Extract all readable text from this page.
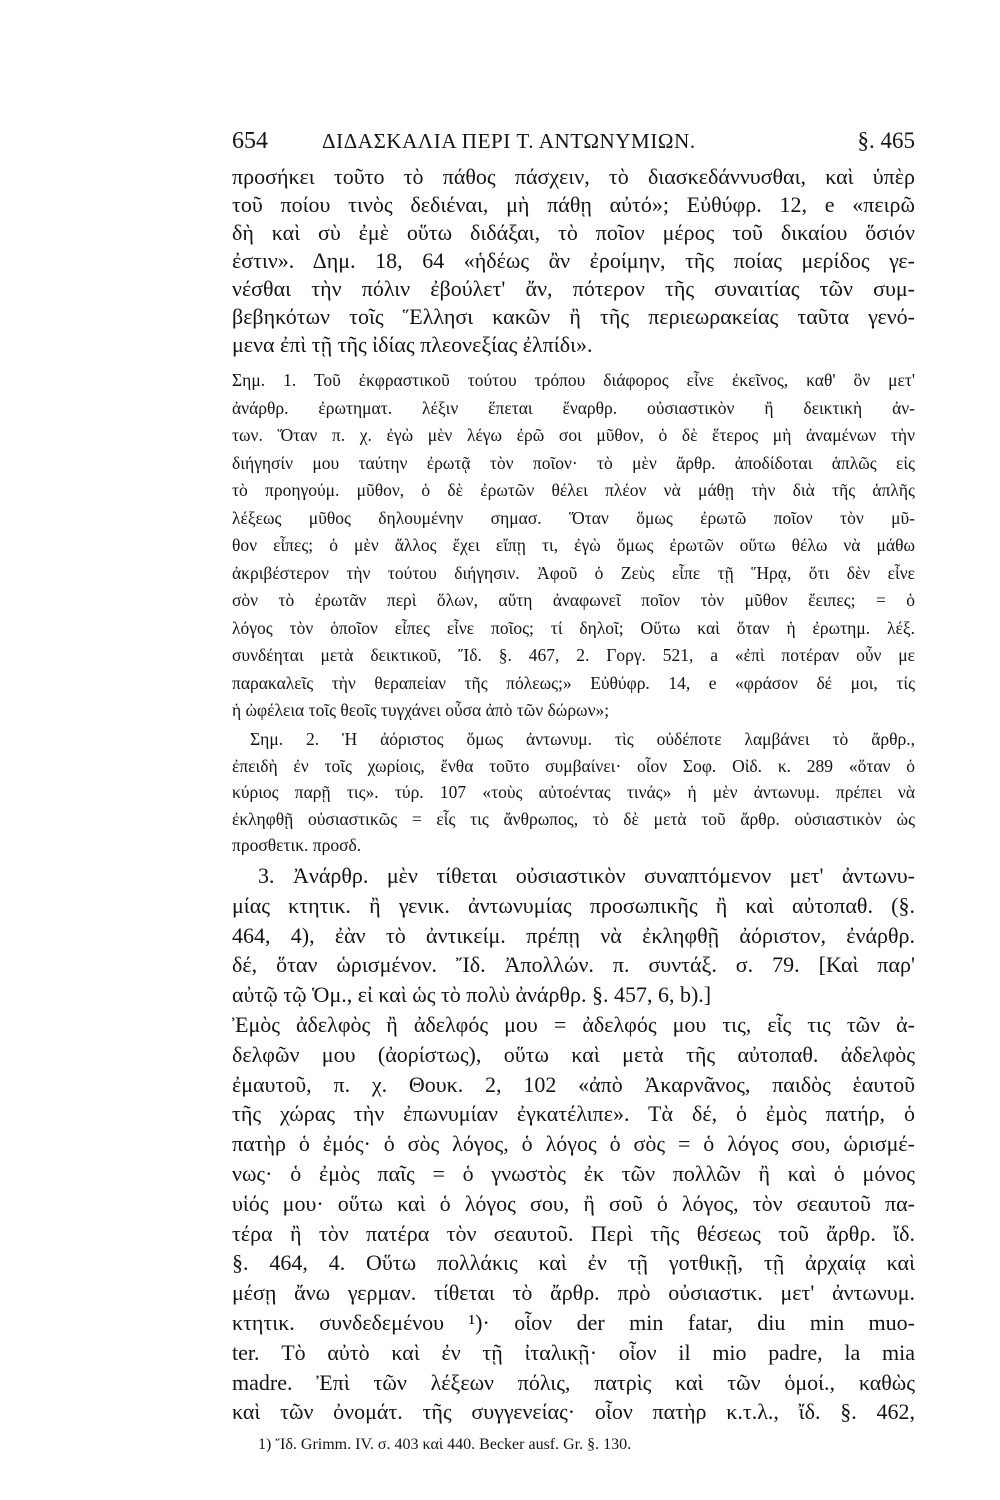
654	ΔΙΔΑΣΚΑΛΙΑ ΠΕΡΙ Τ. ΑΝΤΩΝΥΜΙΩΝ.	§. 465
προσήκει τοῦτο τὸ πάθος πάσχειν, τὸ διασκεδάννυσθαι, καὶ ὑπὲρ
τοῦ ποίου τινὸς δεδιέναι, μὴ πάθῃ αὐτό»; Εὐθύφρ. 12, e «πειρῶ
δὴ καὶ σὺ ἐμὲ οὕτω διδάξαι, τὸ ποῖον μέρος τοῦ δικαίου ὅσιόν
ἐστιν». Δημ. 18, 64 «ἡδέως ἂν ἐροίμην, τῆς ποίας μερίδος γε-
νέσθαι τὴν πόλιν ἐβούλετ' ἄν, πότερον τῆς συναιτίας τῶν συμ-
βεβηκότων τοῖς Ἕλλησι κακῶν ἢ τῆς περιεωρακείας ταῦτα γενό-
μενα ἐπὶ τῇ τῆς ἰδίας πλεονεξίας ἐλπίδι».
Σημ. 1. Τοῦ ἐκφραστικοῦ τούτου τρόπου διάφορος εἶνε ἐκεῖνος, καθ' ὃν μετ'
ἀνάρθρ. ἐρωτηματ. λέξιν ἕπεται ἔναρθρ. οὐσιαστικὸν ἢ δεικτικὴ ἀν-
των. Ὅταν π. χ. ἐγὼ μὲν λέγω ἐρῶ σοι μῦθον, ὁ δὲ ἕτερος μὴ ἀναμένων τὴν
διήγησίν μου ταύτην ἐρωτᾷ τὸν ποῖον· τὸ μὲν ἄρθρ. ἀποδίδοται ἁπλῶς εἰς
τὸ προηγούμ. μῦθον, ὁ δὲ ἐρωτῶν θέλει πλέον νὰ μάθῃ τὴν διὰ τῆς ἁπλῆς
λέξεως μῦθος δηλουμένην σημασ. Ὅταν ὅμως ἐρωτῶ ποῖον τὸν μῦ-
θον εἶπες; ὁ μὲν ἄλλος ἔχει εἴπῃ τι, ἐγὼ ὅμως ἐρωτῶν οὕτω θέλω νὰ μάθω
ἀκριβέστερον τὴν τούτου διήγησιν. Ἀφοῦ ὁ Ζεὺς εἶπε τῇ Ἥρᾳ, ὅτι δὲν εἶνε
σὸν τὸ ἐρωτᾶν περὶ ὅλων, αὕτη ἀναφωνεῖ ποῖον τὸν μῦθον ἔειπες; = ὁ
λόγος τὸν ὁποῖον εἶπες εἶνε ποῖος; τί δηλοῖ; Οὕτω καὶ ὅταν ἡ ἐρωτημ. λέξ.
συνδέηται μετὰ δεικτικοῦ, Ἴδ. §. 467, 2. Γοργ. 521, a «ἐπὶ ποτέραν οὖν με
παρακαλεῖς τὴν θεραπείαν τῆς πόλεως;» Εὐθύφρ. 14, e «φράσον δέ μοι, τίς
ἡ ὠφέλεια τοῖς θεοῖς τυγχάνει οὖσα ἀπὸ τῶν δώρων»;
Σημ. 2. Ἡ ἀόριστος ὅμως ἀντωνυμ. τὶς οὐδέποτε λαμβάνει τὸ ἄρθρ.,
ἐπειδὴ ἐν τοῖς χωρίοις, ἔνθα τοῦτο συμβαίνει· οἷον Σοφ. Οἰδ. κ. 289 «ὅταν ὁ
κύριος παρῇ τις». τύρ. 107 «τοὺς αὐτοέντας τινάς» ἡ μὲν ἀντωνυμ. πρέπει νὰ
ἐκληφθῇ οὐσιαστικῶς = εἷς τις ἄνθρωπος, τὸ δὲ μετὰ τοῦ ἄρθρ. οὐσιαστικὸν ὡς
προσθετικ. προσδ.
3. Ἀνάρθρ. μὲν τίθεται οὐσιαστικὸν συναπτόμενον μετ' ἀντωνυ-
μίας κτητικ. ἢ γενικ. ἀντωνυμίας προσωπικῆς ἢ καὶ αὐτοπαθ. (§.
464, 4), ἐὰν τὸ ἀντικείμ. πρέπῃ νὰ ἐκληφθῇ ἀόριστον, ἐνάρθρ.
δέ, ὅταν ὡρισμένον. Ἴδ. Ἀπολλών. π. συντάξ. σ. 79. [Καὶ παρ'
αὐτῷ τῷ Ὁμ., εἰ καὶ ὡς τὸ πολὺ ἀνάρθρ. §. 457, 6, b).]
Ἐμὸς ἀδελφὸς ἢ ἀδελφός μου = ἀδελφός μου τις, εἷς τις τῶν ἀ-
δελφῶν μου (ἀορίστως), οὕτω καὶ μετὰ τῆς αὐτοπαθ. ἀδελφὸς
ἐμαυτοῦ, π. χ. Θουκ. 2, 102 «ἀπὸ Ἀκαρνᾶνος, παιδὸς ἑαυτοῦ
τῆς χώρας τὴν ἐπωνυμίαν ἐγκατέλιπε». Τὰ δέ, ὁ ἐμὸς πατήρ, ὁ
πατὴρ ὁ ἐμός· ὁ σὸς λόγος, ὁ λόγος ὁ σὸς = ὁ λόγος σου, ὡρισμέ-
νως· ὁ ἐμὸς παῖς = ὁ γνωστὸς ἐκ τῶν πολλῶν ἢ καὶ ὁ μόνος
υἱός μου· οὕτω καὶ ὁ λόγος σου, ἢ σοῦ ὁ λόγος, τὸν σεαυτοῦ πα-
τέρα ἢ τὸν πατέρα τὸν σεαυτοῦ. Περὶ τῆς θέσεως τοῦ ἄρθρ. ἴδ.
§. 464, 4. Οὕτω πολλάκις καὶ ἐν τῇ γοτθικῇ, τῇ ἀρχαίᾳ καὶ
μέσῃ ἄνω γερμαν. τίθεται τὸ ἄρθρ. πρὸ οὐσιαστικ. μετ' ἀντωνυμ.
κτητικ. συνδεδεμένου ¹)· οἷον der min fatar, diu min muo-
ter. Τὸ αὐτὸ καὶ ἐν τῇ ἰταλικῇ· οἷον il mio padre, la mia
madre. Ἐπὶ τῶν λέξεων πόλις, πατρὶς καὶ τῶν ὁμοί., καθὼς
καὶ τῶν ὀνομάτ. τῆς συγγενείας· οἷον πατὴρ κ.τ.λ., ἴδ. §. 462,
1) Ἴδ. Grimm. IV. σ. 403 καὶ 440. Becker ausf. Gr. §. 130.
